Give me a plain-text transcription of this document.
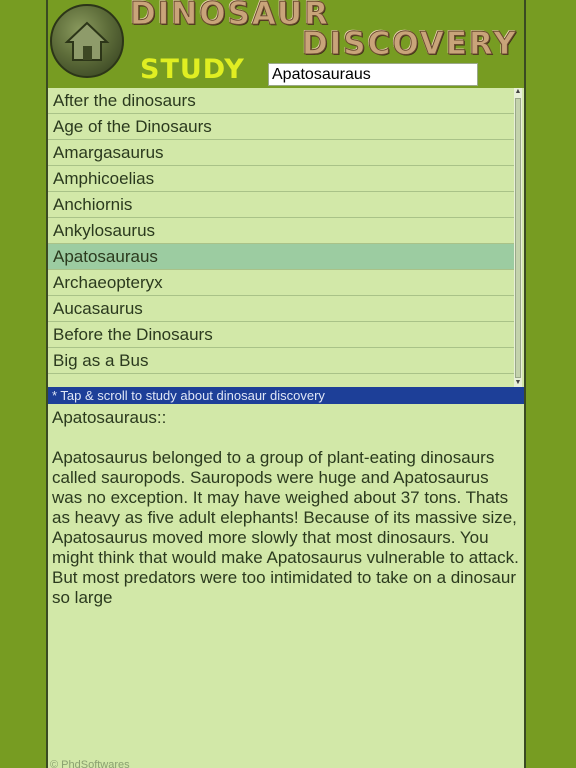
DINOSAUR
DISCOVERY
STUDY
Apatosauraus
After the dinosaurs
Age of the Dinosaurs
Amargasaurus
Amphicoelias
Anchiornis
Ankylosaurus
Apatosauraus
Archaeopteryx
Aucasaurus
Before the Dinosaurs
Big as a Bus
▲
▼
* Tap & scroll to study about dinosaur discovery

Apatosauraus::

Apatosaurus belonged to a group of plant-eating dinosaurs called sauropods. Sauropods were huge and Apatosaurus was no exception. It may have weighed about 37 tons. Thats as heavy as five adult elephants! Because of its massive size, Apatosaurus moved more slowly that most dinosaurs. You might think that would make Apatosaurus vulnerable to attack. But most predators were too intimidated to take on a dinosaur so large

© PhdSoftwares
